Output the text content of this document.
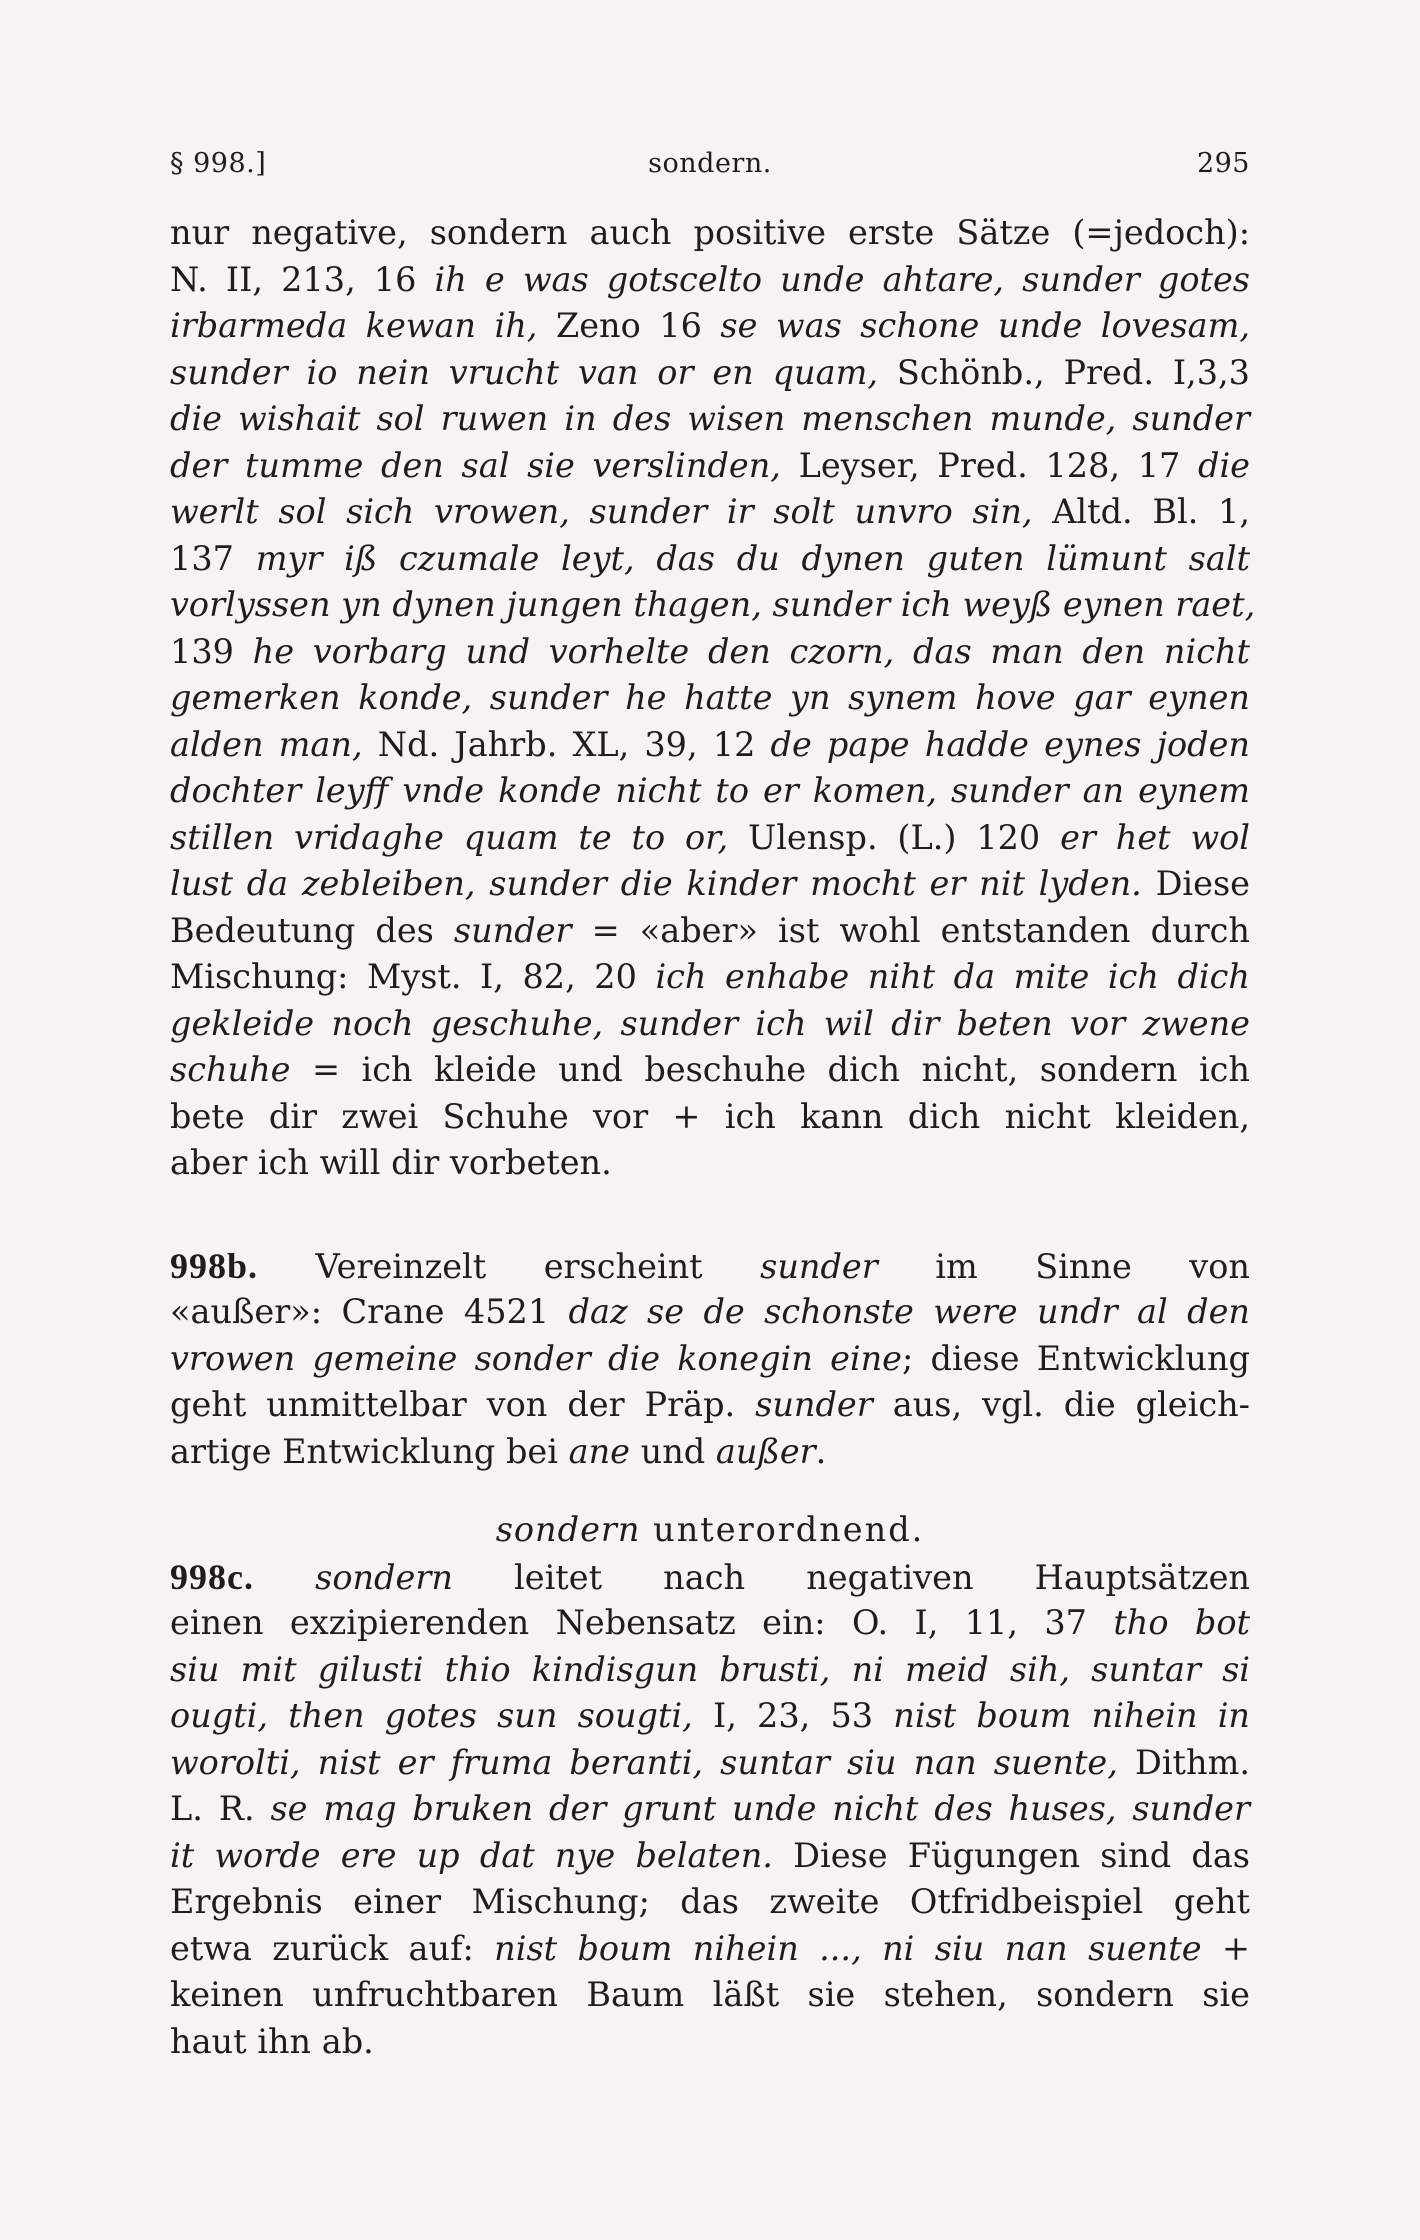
§ 998.]	sondern.	295
nur negative, sondern auch positive erste Sätze (=jedoch):
N. II, 213, 16 ih e was gotscelto unde ahtare, sunder gotes
irbarmeda kewan ih, Zeno 16 se was schone unde lovesam,
sunder io nein vrucht van or en quam, Schönb., Pred. I,3,3
die wishait sol ruwen in des wisen menschen munde, sunder
der tumme den sal sie verslinden, Leyser, Pred. 128, 17 die
werlt sol sich vrowen, sunder ir solt unvro sin, Altd. Bl. 1,
137 myr iß czumale leyt, das du dynen guten lümunt salt
vorlyssen yn dynen jungen thagen, sunder ich weyß eynen raet,
139 he vorbarg und vorhelte den czorn, das man den nicht
gemerken konde, sunder he hatte yn synem hove gar eynen
alden man, Nd. Jahrb. XL, 39, 12 de pape hadde eynes joden
dochter leyff vnde konde nicht to er komen, sunder an eynem
stillen vridaghe quam te to or, Ulensp. (L.) 120 er het wol
lust da zebleiben, sunder die kinder mocht er nit lyden. Diese
Bedeutung des sunder = «aber» ist wohl entstanden durch
Mischung: Myst. I, 82, 20 ich enhabe niht da mite ich dich
gekleide noch geschuhe, sunder ich wil dir beten vor zwene
schuhe = ich kleide und beschuhe dich nicht, sondern ich
bete dir zwei Schuhe vor + ich kann dich nicht kleiden,
aber ich will dir vorbeten.
998b. Vereinzelt erscheint sunder im Sinne von
«außer»: Crane 4521 daz se de schonste were undr al den
vrowen gemeine sonder die konegin eine; diese Entwicklung
geht unmittelbar von der Präp. sunder aus, vgl. die gleich-
artige Entwicklung bei ane und außer.
sondern unterordnend.
998c. sondern leitet nach negativen Hauptsätzen
einen exzipierenden Nebensatz ein: O. I, 11, 37 tho bot
siu mit gilusti thio kindisgun brusti, ni meid sih, suntar si
ougti, then gotes sun sougti, I, 23, 53 nist boum nihein in
worolti, nist er fruma beranti, suntar siu nan suente, Dithm.
L. R. se mag bruken der grunt unde nicht des huses, sunder
it worde ere up dat nye belaten. Diese Fügungen sind das
Ergebnis einer Mischung; das zweite Otfridbeispiel geht
etwa zurück auf: nist boum nihein ..., ni siu nan suente +
keinen unfruchtbaren Baum läßt sie stehen, sondern sie
haut ihn ab.
